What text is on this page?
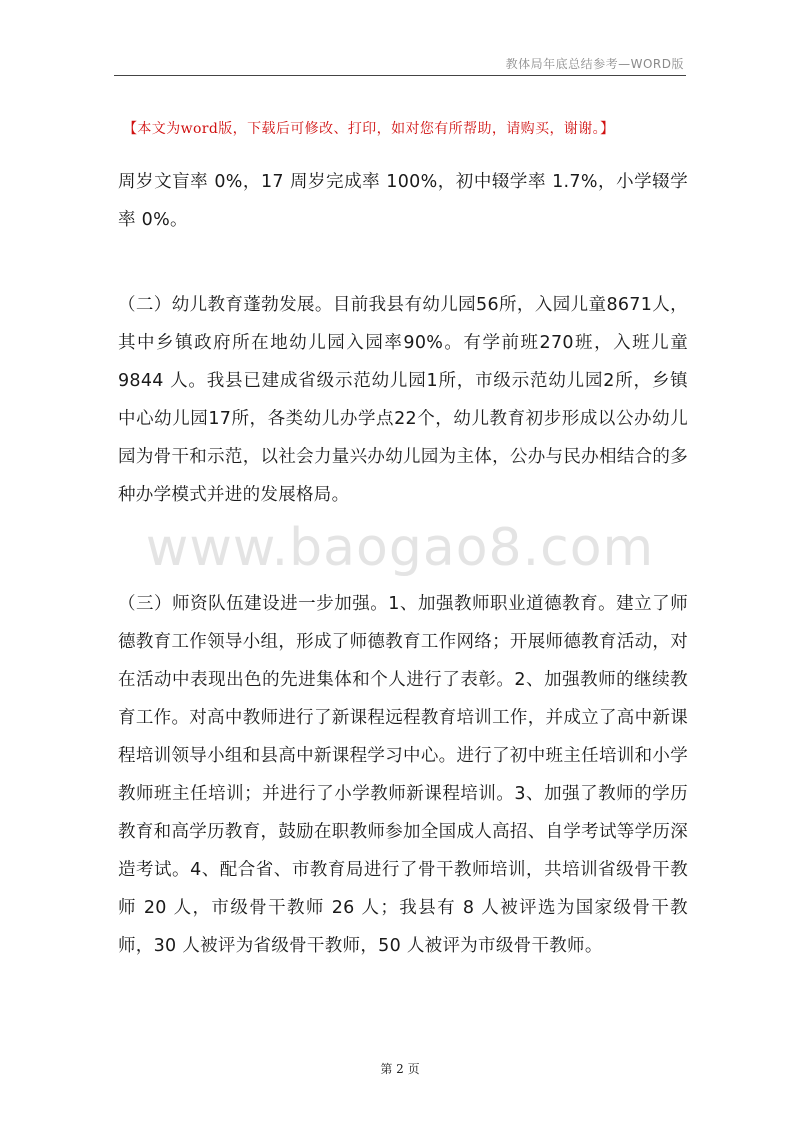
教体局年底总结参考—WORD版
【本文为word版，下载后可修改、打印，如对您有所帮助，请购买，谢谢。】
周岁文盲率 0%，17 周岁完成率 100%，初中辍学率 1.7%，小学辍学率 0%。
（二）幼儿教育蓬勃发展。目前我县有幼儿园56所，入园儿童8671人，其中乡镇政府所在地幼儿园入园率90%。有学前班270班，入班儿童 9844 人。我县已建成省级示范幼儿园1所，市级示范幼儿园2所，乡镇中心幼儿园17所，各类幼儿办学点22个，幼儿教育初步形成以公办幼儿园为骨干和示范，以社会力量兴办幼儿园为主体，公办与民办相结合的多种办学模式并进的发展格局。
www.baogao8.com
（三）师资队伍建设进一步加强。1、加强教师职业道德教育。建立了师德教育工作领导小组，形成了师德教育工作网络；开展师德教育活动，对在活动中表现出色的先进集体和个人进行了表彰。2、加强教师的继续教育工作。对高中教师进行了新课程远程教育培训工作，并成立了高中新课程培训领导小组和县高中新课程学习中心。进行了初中班主任培训和小学教师班主任培训；并进行了小学教师新课程培训。3、加强了教师的学历教育和高学历教育，鼓励在职教师参加全国成人高招、自学考试等学历深造考试。4、配合省、市教育局进行了骨干教师培训，共培训省级骨干教师 20 人，市级骨干教师 26 人；我县有 8 人被评选为国家级骨干教师，30 人被评为省级骨干教师，50 人被评为市级骨干教师。
第 2 页
